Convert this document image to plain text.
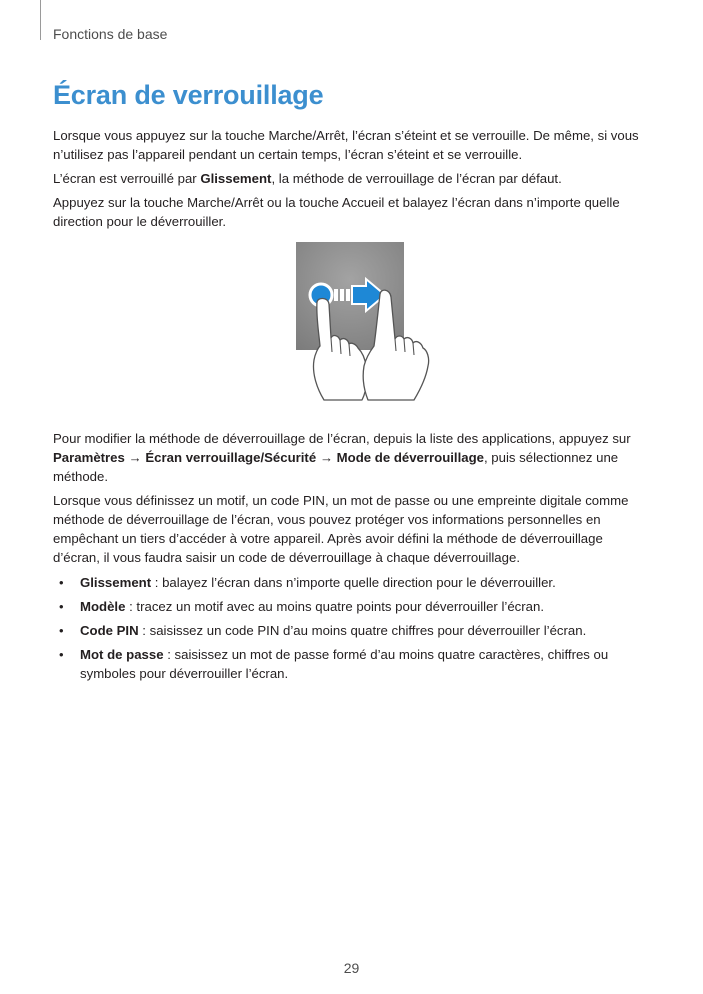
Fonctions de base
Écran de verrouillage

Lorsque vous appuyez sur la touche Marche/Arrêt, l’écran s’éteint et se verrouille. De même, si vous n’utilisez pas l’appareil pendant un certain temps, l’écran s’éteint et se verrouille.

L’écran est verrouillé par Glissement, la méthode de verrouillage de l’écran par défaut.

Appuyez sur la touche Marche/Arrêt ou la touche Accueil et balayez l’écran dans n’importe quelle direction pour le déverrouiller.

Pour modifier la méthode de déverrouillage de l’écran, depuis la liste des applications, appuyez sur Paramètres → Écran verrouillage/Sécurité → Mode de déverrouillage, puis sélectionnez une méthode.

Lorsque vous définissez un motif, un code PIN, un mot de passe ou une empreinte digitale comme méthode de déverrouillage de l’écran, vous pouvez protéger vos informations personnelles en empêchant un tiers d’accéder à votre appareil. Après avoir défini la méthode de déverrouillage d’écran, il vous faudra saisir un code de déverrouillage à chaque déverrouillage.

• Glissement : balayez l’écran dans n’importe quelle direction pour le déverrouiller.
• Modèle : tracez un motif avec au moins quatre points pour déverrouiller l’écran.
• Code PIN : saisissez un code PIN d’au moins quatre chiffres pour déverrouiller l’écran.
• Mot de passe : saisissez un mot de passe formé d’au moins quatre caractères, chiffres ou symboles pour déverrouiller l’écran.
29
